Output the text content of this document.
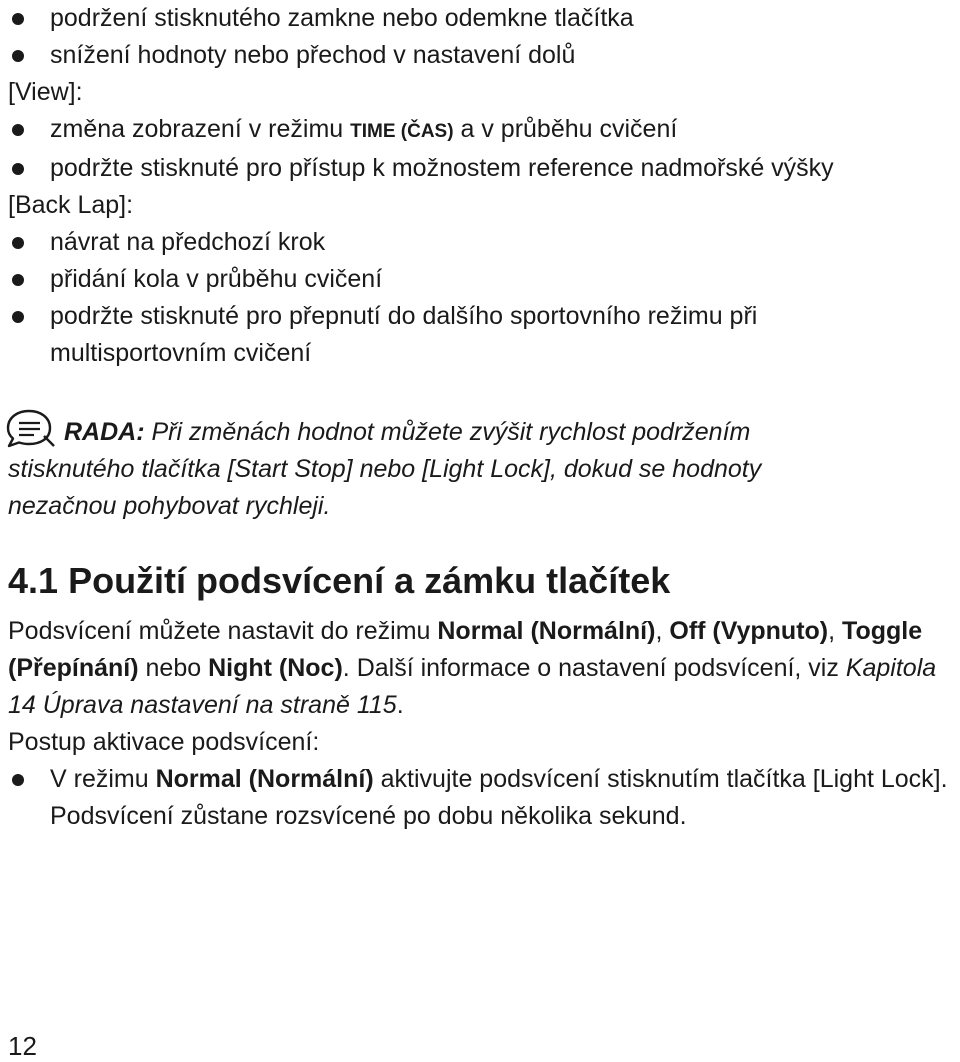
podržení stisknutého zamkne nebo odemkne tlačítka
snížení hodnoty nebo přechod v nastavení dolů
[View]:
změna zobrazení v režimu TIME (ČAS) a v průběhu cvičení
podržte stisknuté pro přístup k možnostem reference nadmořské výšky
[Back Lap]:
návrat na předchozí krok
přidání kola v průběhu cvičení
podržte stisknuté pro přepnutí do dalšího sportovního režimu při multisportovním cvičení
RADA: Při změnách hodnot můžete zvýšit rychlost podržením
stisknutého tlačítka [Start Stop] nebo [Light Lock], dokud se hodnoty
nezačnou pohybovat rychleji.
4.1 Použití podsvícení a zámku tlačítek
Podsvícení můžete nastavit do režimu Normal (Normální), Off (Vypnuto), Toggle (Přepínání) nebo Night (Noc). Další informace o nastavení podsvícení, viz Kapitola 14 Úprava nastavení na straně 115.
Postup aktivace podsvícení:
V režimu Normal (Normální) aktivujte podsvícení stisknutím tlačítka [Light Lock]. Podsvícení zůstane rozsvícené po dobu několika sekund.
12
